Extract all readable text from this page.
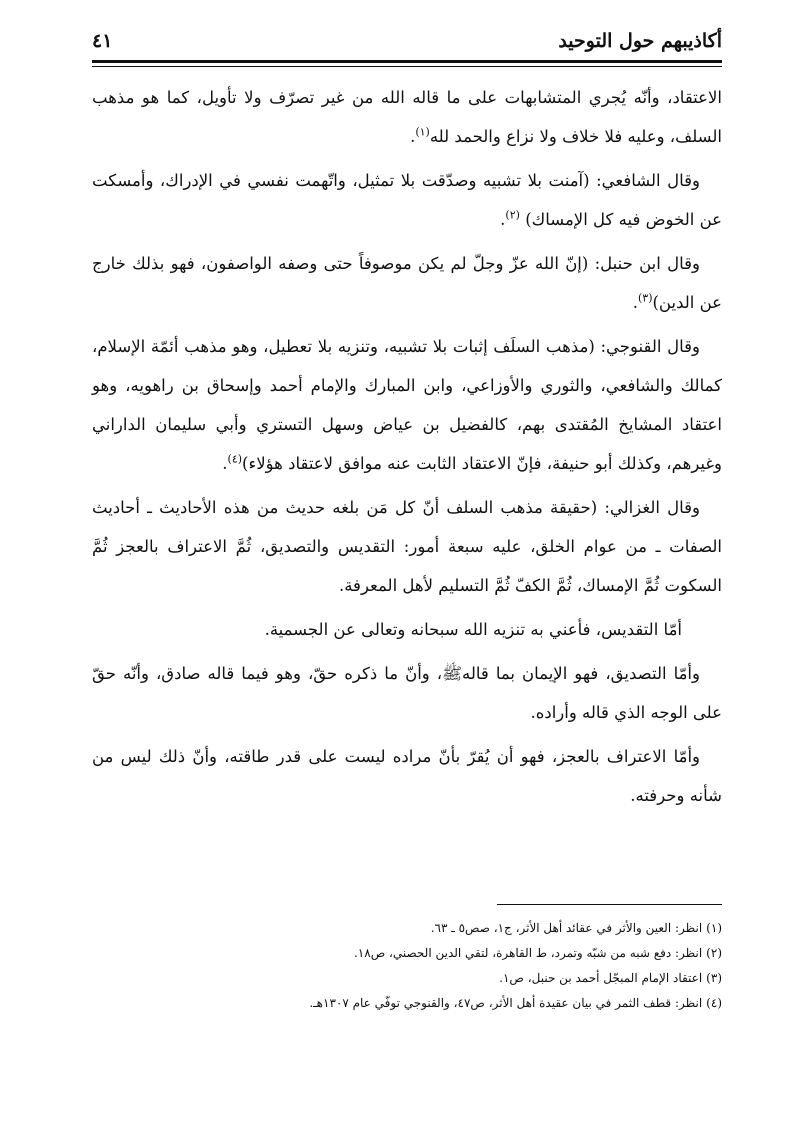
أكاذيبهم حول التوحيد
٤١

الاعتقاد، وأنّه يُجري المتشابهات على ما قاله الله من غير تصرّف ولا تأويل، كما هو مذهب السلف، وعليه فلا خلاف ولا نزاع والحمد لله$^{(١)}$.

وقال الشافعي: (آمنت بلا تشبيه وصدّقت بلا تمثيل، واتّهمت نفسي في الإدراك، وأمسكت عن الخوض فيه كل الإمساك) $^{(٢)}$.

وقال ابن حنبل: (إنّ الله عزّ وجلّ لم يكن موصوفاً حتى وصفه الواصفون، فهو بذلك خارج عن الدين)$^{(٣)}$.

وقال القنوجي: (مذهب السلَف إثبات بلا تشبيه، وتنزيه بلا تعطيل، وهو مذهب أئمّة الإسلام، كمالك والشافعي، والثوري والأوزاعي، وابن المبارك والإمام أحمد وإسحاق بن راهويه، وهو اعتقاد المشايخ المُقتدى بهم، كالفضيل بن عياض وسهل التستري وأبي سليمان الداراني وغيرهم، وكذلك أبو حنيفة، فإنّ الاعتقاد الثابت عنه موافق لاعتقاد هؤلاء)$^{(٤)}$.

وقال الغزالي: (حقيقة مذهب السلف أنّ كل مَن بلغه حديث من هذه الأحاديث ـ أحاديث الصفات ـ من عوام الخلق، عليه سبعة أمور: التقديس والتصديق، ثُمَّ الاعتراف بالعجز ثُمَّ السكوت ثُمَّ الإمساك، ثُمَّ الكفّ ثُمَّ التسليم لأهل المعرفة.

أمّا التقديس، فأعني به تنزيه الله سبحانه وتعالى عن الجسمية.

وأمّا التصديق، فهو الإيمان بما قالهﷺ، وأنّ ما ذكره حقّ، وهو فيما قاله صادق، وأنّه حقّ على الوجه الذي قاله وأراده.

وأمّا الاعتراف بالعجز، فهو أن يُقرّ بأنّ مراده ليست على قدر طاقته، وأنّ ذلك ليس من شأنه وحرفته.

(١)انظر: العين والأثر في عقائد أهل الأثر، ج١، صص٥ ـ ٦٣.

(٢)انظر: دفع شبه من شبّه وتمرد، ط القاهرة، لتقي الدين الحصني، ص١٨.

(٣)اعتقاد الإمام المبجّل أحمد بن حنبل، ص١.

(٤)انظر: قطف الثمر في بيان عقيدة أهل الأثر، ص٤٧، والقنوجي توفّي عام ١٣٠٧هـ.
